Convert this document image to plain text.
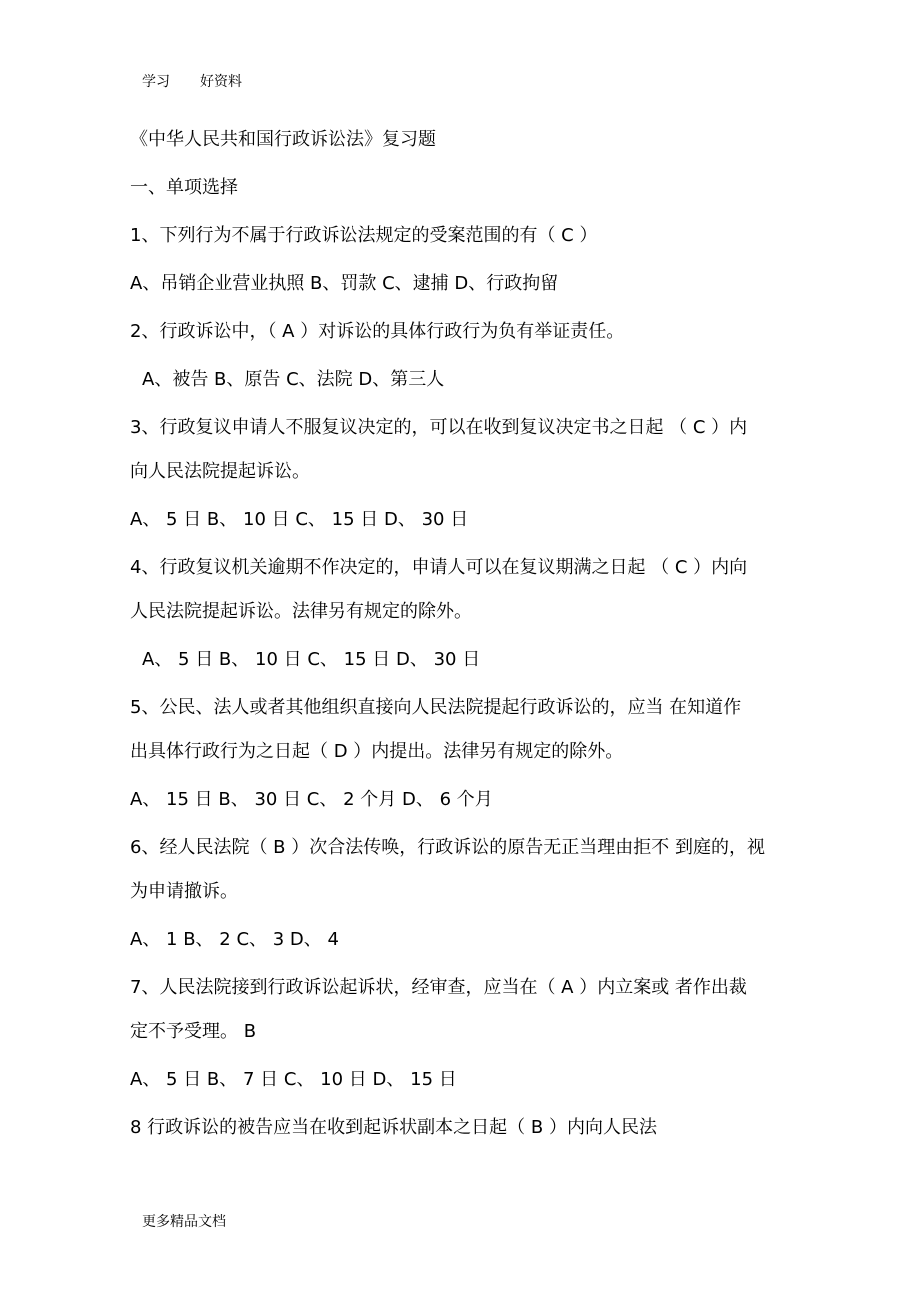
学习 好资料
《中华人民共和国行政诉讼法》复习题
一、单项选择
1、下列行为不属于行政诉讼法规定的受案范围的有（ C ）
A、吊销企业营业执照 B、罚款 C、逮捕 D、行政拘留
2、行政诉讼中，（ A ）对诉讼的具体行政行为负有举证责任。
A、被告 B、原告 C、法院 D、第三人
3、行政复议申请人不服复议决定的，可以在收到复议决定书之日起 （ C ）内
向人民法院提起诉讼。
A、 5 日 B、 10 日 C、 15 日 D、 30 日
4、行政复议机关逾期不作决定的，申请人可以在复议期满之日起 （ C ）内向
人民法院提起诉讼。法律另有规定的除外。
A、 5 日 B、 10 日 C、 15 日 D、 30 日
5、公民、法人或者其他组织直接向人民法院提起行政诉讼的，应当 在知道作
出具体行政行为之日起（ D ）内提出。法律另有规定的除外。
A、 15 日 B、 30 日 C、 2 个月 D、 6 个月
6、经人民法院（ B ）次合法传唤，行政诉讼的原告无正当理由拒不 到庭的，视
为申请撤诉。
A、 1 B、 2 C、 3 D、 4
7、人民法院接到行政诉讼起诉状，经审查，应当在（ A ）内立案或 者作出裁
定不予受理。 B
A、 5 日 B、 7 日 C、 10 日 D、 15 日
8 行政诉讼的被告应当在收到起诉状副本之日起（ B ）内向人民法
更多精品文档
